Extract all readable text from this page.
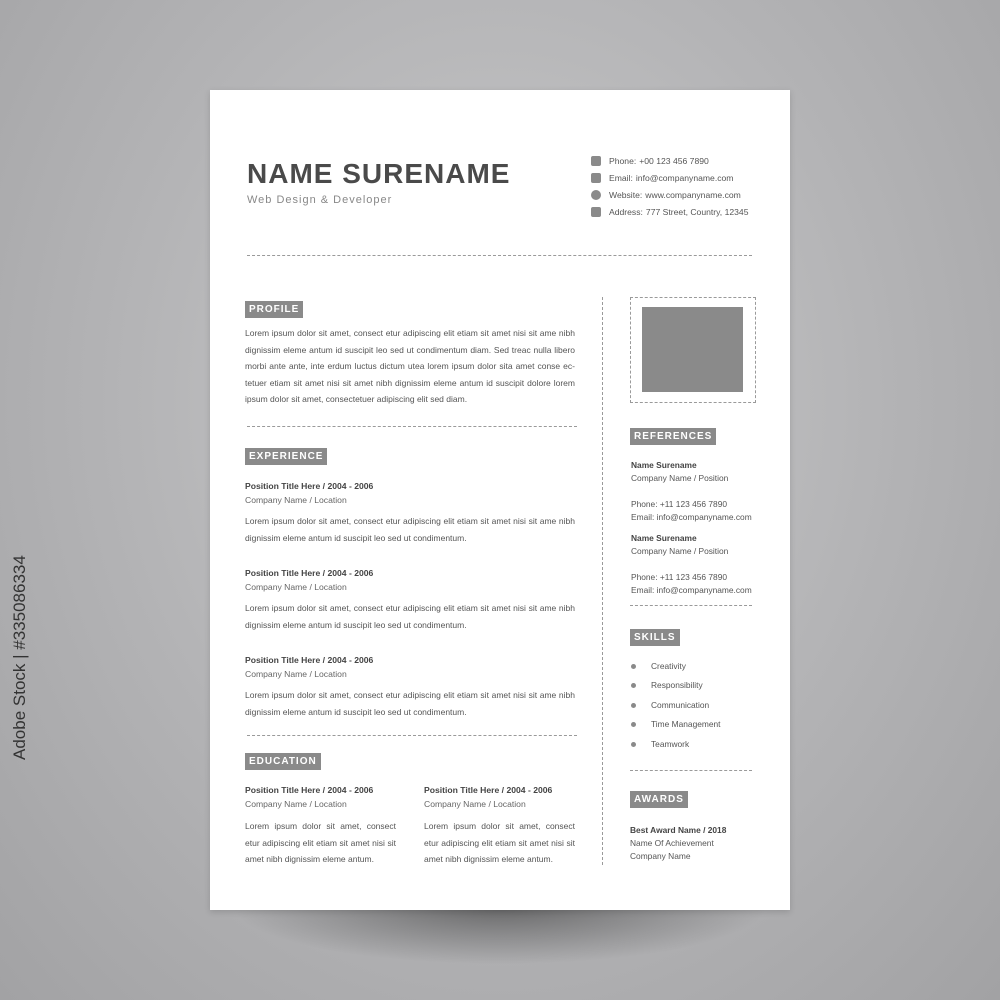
NAME SURENAME
Web Design & Developer
Phone: +00 123 456 7890
Email: info@companyname.com
Website: www.companyname.com
Address: 777 Street, Country, 12345
PROFILE
Lorem ipsum dolor sit amet, consect etur adipiscing elit etiam sit amet nisi sit ame nibh dignissim eleme antum id suscipit leo sed ut condimentum diam. Sed treac nulla libero morbi ante ante, inte erdum luctus dictum utea lorem ipsum dolor sita amet conse ec-tetuer etiam sit amet nisi sit amet nibh dignissim eleme antum id suscipit dolore lorem ipsum dolor sit amet, consectetuer adipiscing elit sed diam.
EXPERIENCE
Position Title Here / 2004 - 2006
Company Name / Location
Lorem ipsum dolor sit amet, consect etur adipiscing elit etiam sit amet nisi sit ame nibh dignissim eleme antum id suscipit leo sed ut condimentum.
Position Title Here / 2004 - 2006
Company Name / Location
Lorem ipsum dolor sit amet, consect etur adipiscing elit etiam sit amet nisi sit ame nibh dignissim eleme antum id suscipit leo sed ut condimentum.
Position Title Here / 2004 - 2006
Company Name / Location
Lorem ipsum dolor sit amet, consect etur adipiscing elit etiam sit amet nisi sit ame nibh dignissim eleme antum id suscipit leo sed ut condimentum.
EDUCATION
Position Title Here / 2004 - 2006
Company Name / Location
Lorem ipsum dolor sit amet, consect etur adipiscing elit etiam sit amet nisi sit amet nibh dignissim eleme antum.
Position Title Here / 2004 - 2006
Company Name / Location
Lorem ipsum dolor sit amet, consect etur adipiscing elit etiam sit amet nisi sit amet nibh dignissim eleme antum.
REFERENCES
Name Surename
Company Name / Position

Phone: +11 123 456 7890
Email: info@companyname.com
Name Surename
Company Name / Position

Phone: +11 123 456 7890
Email: info@companyname.com
SKILLS
Creativity
Responsibility
Communication
Time Management
Teamwork
AWARDS
Best Award Name / 2018
Name Of Achievement
Company Name
Adobe Stock | #335086334
